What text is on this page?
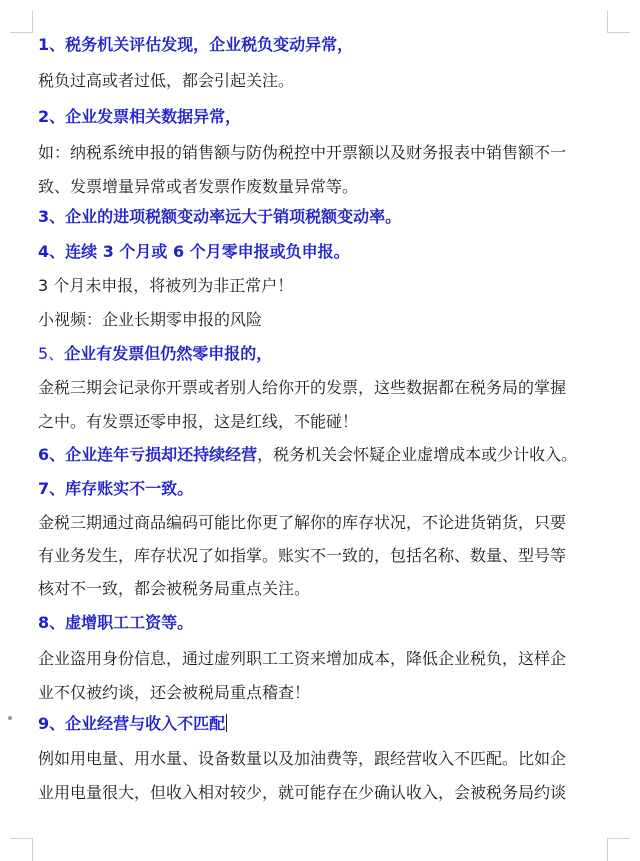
1、税务机关评估发现，企业税负变动异常，
税负过高或者过低，都会引起关注。
2、企业发票相关数据异常，
如：纳税系统申报的销售额与防伪税控中开票额以及财务报表中销售额不一
致、发票增量异常或者发票作废数量异常等。
3、企业的进项税额变动率远大于销项税额变动率。
4、连续 3 个月或 6 个月零申报或负申报。
3 个月未申报，将被列为非正常户！
小视频：企业长期零申报的风险
5、企业有发票但仍然零申报的，
金税三期会记录你开票或者别人给你开的发票，这些数据都在税务局的掌握
之中。有发票还零申报，这是红线，不能碰！
6、企业连年亏损却还持续经营，税务机关会怀疑企业虚增成本或少计收入。
7、库存账实不一致。
金税三期通过商品编码可能比你更了解你的库存状况，不论进货销货，只要
有业务发生，库存状况了如指掌。账实不一致的，包括名称、数量、型号等
核对不一致，都会被税务局重点关注。
8、虚增职工工资等。
企业盗用身份信息，通过虚列职工工资来增加成本，降低企业税负，这样企
业不仅被约谈，还会被税局重点稽查！
9、企业经营与收入不匹配
例如用电量、用水量、设备数量以及加油费等，跟经营收入不匹配。比如企
业用电量很大，但收入相对较少，就可能存在少确认收入，会被税务局约谈
